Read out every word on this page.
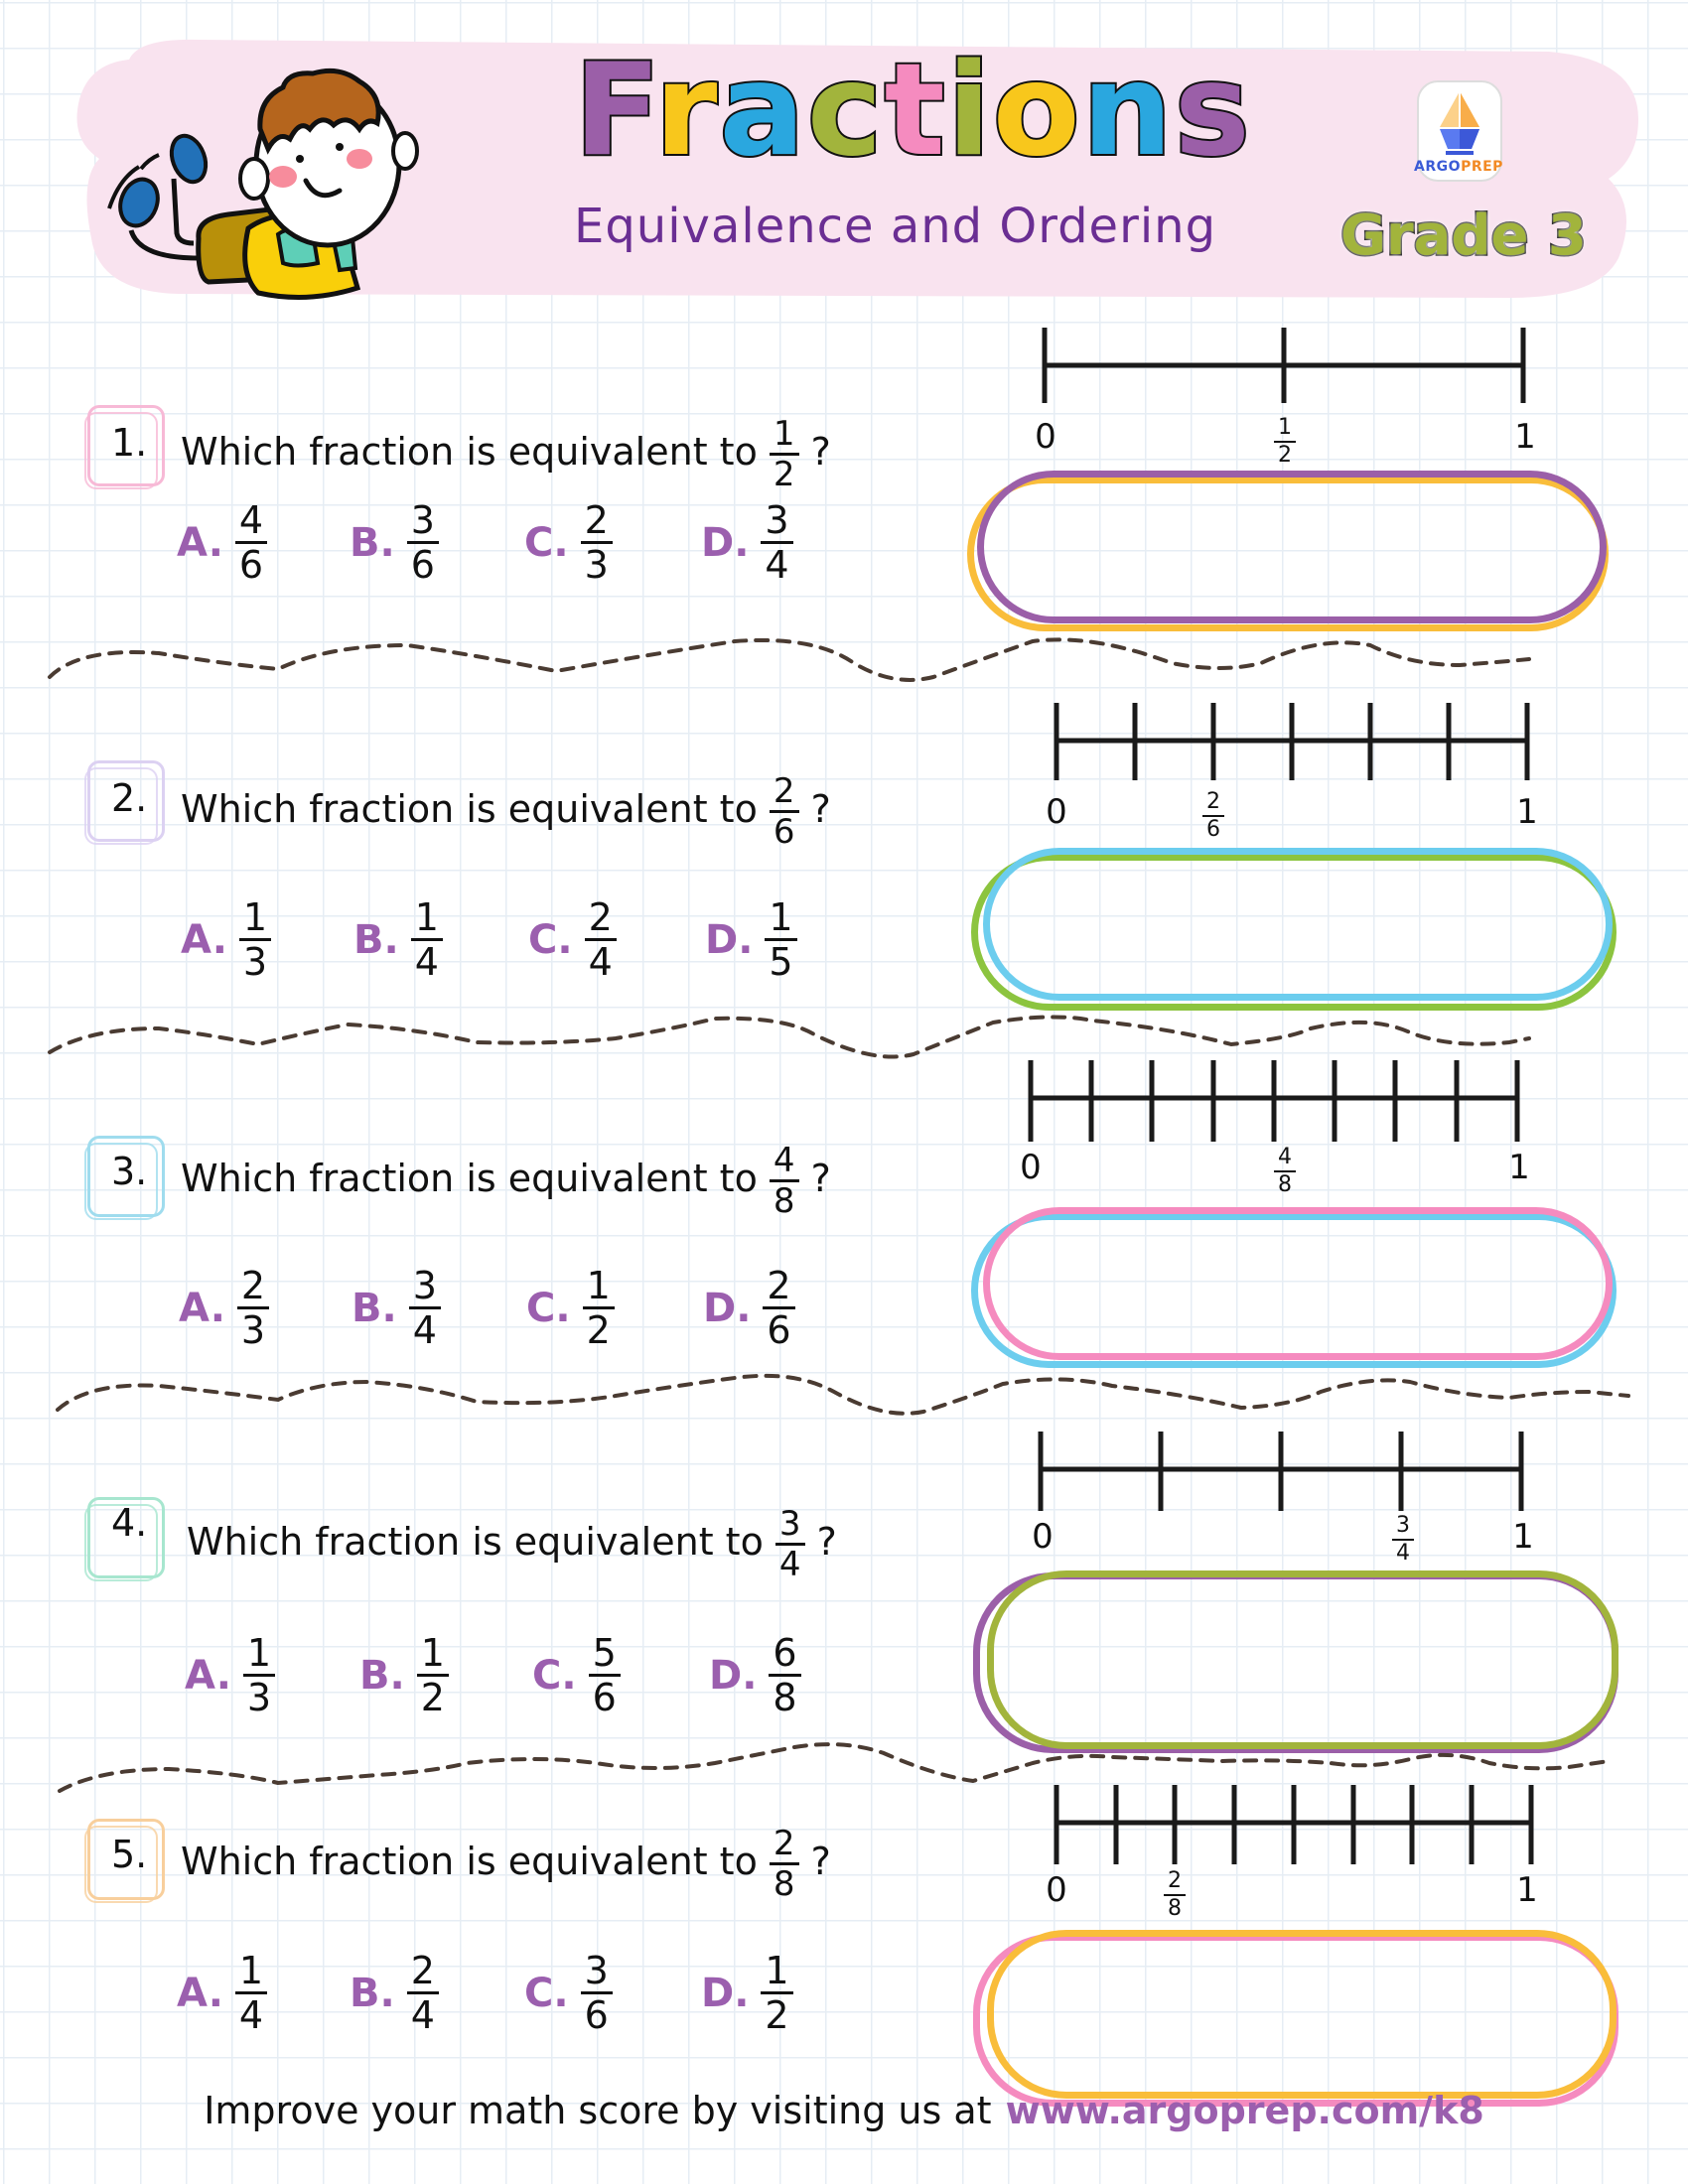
Fractions
Equivalence and Ordering
ARGOPREP
Grade 3
1. Which fraction is equivalent to $\frac{1}{2}$ ?
A. $\frac{4}{6} B$. $\frac{3}{6} C$. $\frac{2}{3} D$. $\frac{3}{4}$
0	1
$\frac{1}{2}$
2. Which fraction is equivalent to $\frac{2}{6}$ ?
A. $\frac{1}{3} B$. $\frac{1}{4} C$. $\frac{2}{4} D$. $\frac{1}{5}$
0	1
$\frac{2}{6}$
3. Which fraction is equivalent to $\frac{4}{8}$ ?
A. $\frac{2}{3} B$. $\frac{3}{4} C$. $\frac{1}{2} D$. $\frac{2}{6}$
0	1
$\frac{4}{8}$
4. Which fraction is equivalent to $\frac{3}{4}$ ?
A. $\frac{1}{3} B$. $\frac{1}{2} C$. $\frac{5}{6} D$. $\frac{6}{8}$
0	1
$\frac{3}{4}$
5. Which fraction is equivalent to $\frac{2}{8}$ ?
A. $\frac{1}{4} B$. $\frac{2}{4} C$. $\frac{3}{6} D$. $\frac{1}{2}$
0	1
$\frac{2}{8}$
Improve your math score by visiting us at www.argoprep.com/k8
